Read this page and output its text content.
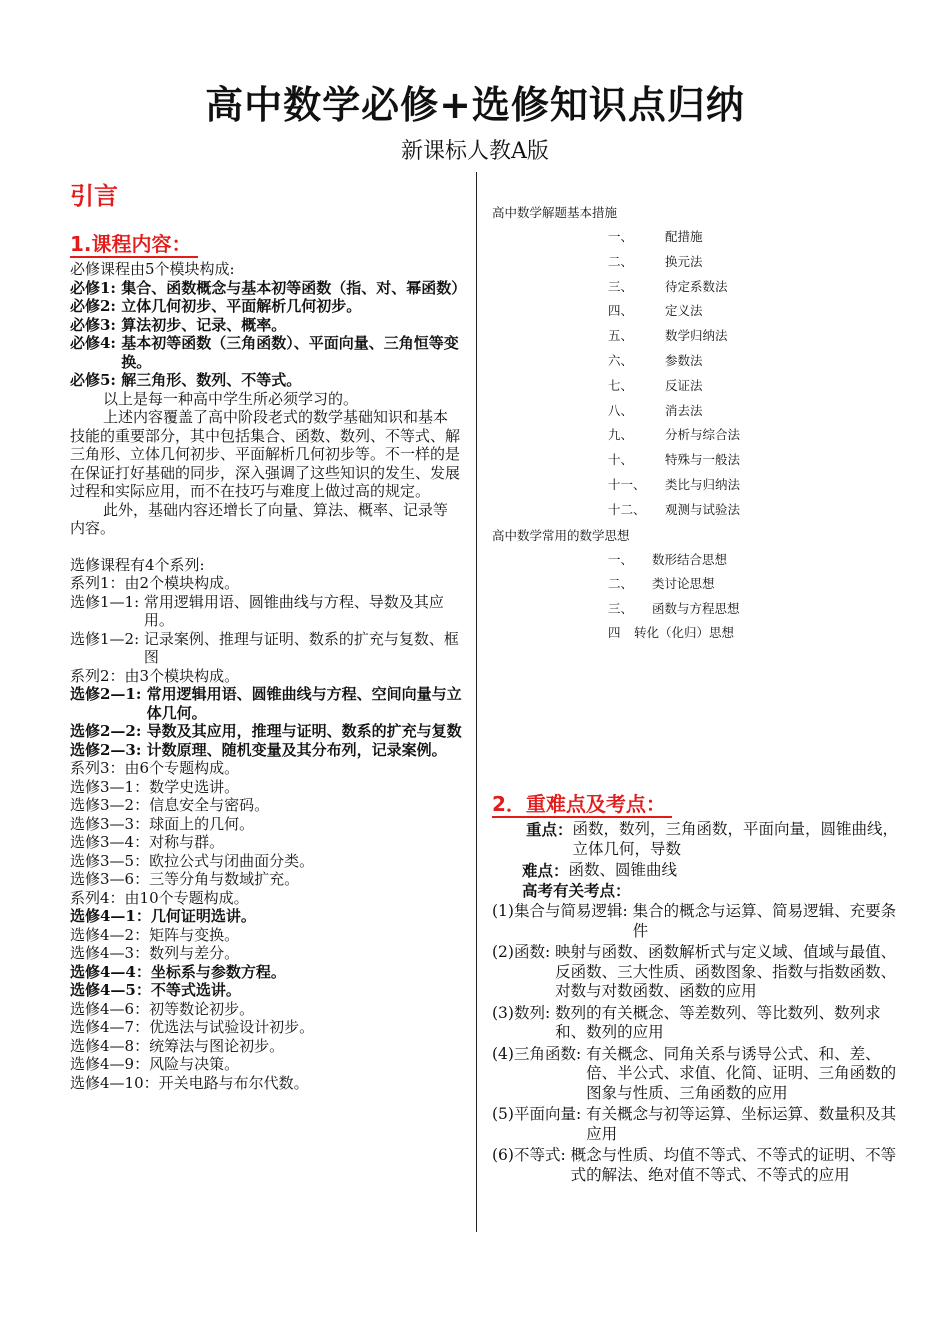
高中数学必修+选修知识点归纳
新课标人教A版
引言
1.课程内容：

必修课程由5个模块构成:

必修1: 集合、函数概念与基本初等函数（指、对、幂函数）
必修2: 立体几何初步、平面解析几何初步。
必修3: 算法初步、记录、概率。
必修4: 基本初等函数（三角函数）、平面向量、三角恒等变换。
必修5: 解三角形、数列、不等式。

以上是每一种高中学生所必须学习的。

上述内容覆盖了高中阶段老式的数学基础知识和基本技能的重要部分，其中包括集合、函数、数列、不等式、解三角形、立体几何初步、平面解析几何初步等。不一样的是在保证打好基础的同步，深入强调了这些知识的发生、发展过程和实际应用，而不在技巧与难度上做过高的规定。

此外，基础内容还增长了向量、算法、概率、记录等内容。

选修课程有4个系列:

系列1：由2个模块构成。

选修1—1: 常用逻辑用语、圆锥曲线与方程、导数及其应用。
选修1—2: 记录案例、推理与证明、数系的扩充与复数、框图

系列2：由3个模块构成。

选修2—1: 常用逻辑用语、圆锥曲线与方程、空间向量与立体几何。
选修2—2: 导数及其应用，推理与证明、数系的扩充与复数
选修2—3: 计数原理、随机变量及其分布列，记录案例。

系列3：由6个专题构成。

选修3—1：数学史选讲。

选修3—2：信息安全与密码。

选修3—3：球面上的几何。

选修3—4：对称与群。

选修3—5：欧拉公式与闭曲面分类。

选修3—6：三等分角与数域扩充。

系列4：由10个专题构成。

选修4—1：几何证明选讲。

选修4—2：矩阵与变换。

选修4—3：数列与差分。

选修4—4：坐标系与参数方程。

选修4—5：不等式选讲。

选修4—6：初等数论初步。

选修4—7：优选法与试验设计初步。

选修4—8：统筹法与图论初步。

选修4—9：风险与决策。

选修4—10：开关电路与布尔代数。

高中数学解题基本措施

一、	配措施
二、	换元法
三、	待定系数法
四、	定义法
五、	数学归纳法
六、	参数法
七、	反证法
八、	消去法
九、	分析与综合法
十、	特殊与一般法
十一、	类比与归纳法
十二、	观测与试验法

高中数学常用的数学思想

一、	数形结合思想
二、	类讨论思想
三、	函数与方程思想
四	转化（化归）思想
2．重难点及考点：
重点： 函数，数列，三角函数，平面向量，圆锥曲线，立体几何，导数
难点： 函数、圆锥曲线

高考有关考点：

(1)集合与简易逻辑: 集合的概念与运算、简易逻辑、充要条件
(2)函数: 映射与函数、函数解析式与定义域、值域与最值、反函数、三大性质、函数图象、指数与指数函数、对数与对数函数、函数的应用
(3)数列: 数列的有关概念、等差数列、等比数列、数列求和、数列的应用
(4)三角函数: 有关概念、同角关系与诱导公式、和、差、倍、半公式、求值、化简、证明、三角函数的图象与性质、三角函数的应用
(5)平面向量: 有关概念与初等运算、坐标运算、数量积及其应用
(6)不等式: 概念与性质、均值不等式、不等式的证明、不等式的解法、绝对值不等式、不等式的应用
